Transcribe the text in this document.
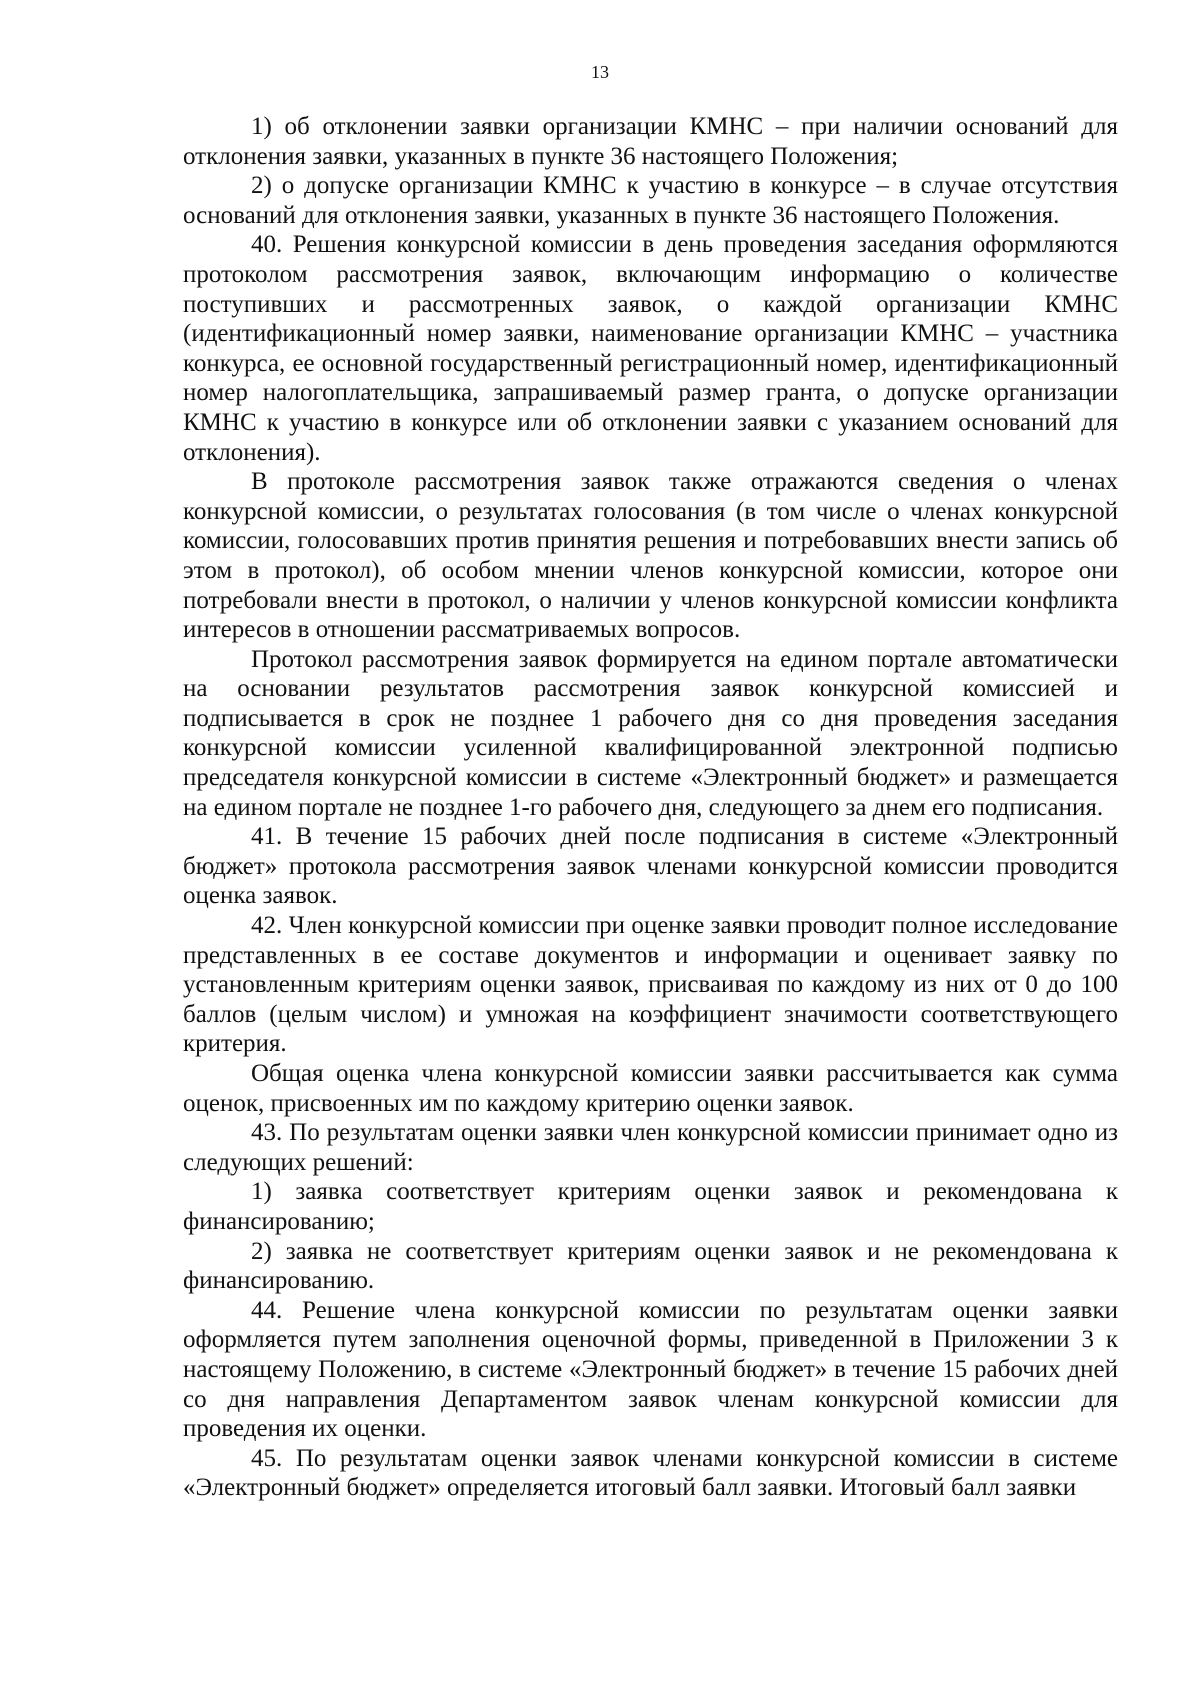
13

1) об отклонении заявки организации КМНС – при наличии оснований для отклонения заявки, указанных в пункте 36 настоящего Положения;

2) о допуске организации КМНС к участию в конкурсе – в случае отсутствия оснований для отклонения заявки, указанных в пункте 36 настоящего Положения.

40. Решения конкурсной комиссии в день проведения заседания оформляются протоколом рассмотрения заявок, включающим информацию о количестве поступивших и рассмотренных заявок, о каждой организации КМНС (идентификационный номер заявки, наименование организации КМНС – участника конкурса, ее основной государственный регистрационный номер, идентификационный номер налогоплательщика, запрашиваемый размер гранта, о допуске организации КМНС к участию в конкурсе или об отклонении заявки с указанием оснований для отклонения).

В протоколе рассмотрения заявок также отражаются сведения о членах конкурсной комиссии, о результатах голосования (в том числе о членах конкурсной комиссии, голосовавших против принятия решения и потребовавших внести запись об этом в протокол), об особом мнении членов конкурсной комиссии, которое они потребовали внести в протокол, о наличии у членов конкурсной комиссии конфликта интересов в отношении рассматриваемых вопросов.

Протокол рассмотрения заявок формируется на едином портале автоматически на основании результатов рассмотрения заявок конкурсной комиссией и подписывается в срок не позднее 1 рабочего дня со дня проведения заседания конкурсной комиссии усиленной квалифицированной электронной подписью председателя конкурсной комиссии в системе «Электронный бюджет» и размещается на едином портале не позднее 1-го рабочего дня, следующего за днем его подписания.

41. В течение 15 рабочих дней после подписания в системе «Электронный бюджет» протокола рассмотрения заявок членами конкурсной комиссии проводится оценка заявок.

42. Член конкурсной комиссии при оценке заявки проводит полное исследование представленных в ее составе документов и информации и оценивает заявку по установленным критериям оценки заявок, присваивая по каждому из них от 0 до 100 баллов (целым числом) и умножая на коэффициент значимости соответствующего критерия.

Общая оценка члена конкурсной комиссии заявки рассчитывается как сумма оценок, присвоенных им по каждому критерию оценки заявок.

43. По результатам оценки заявки член конкурсной комиссии принимает одно из следующих решений:

1) заявка соответствует критериям оценки заявок и рекомендована к финансированию;

2) заявка не соответствует критериям оценки заявок и не рекомендована к финансированию.

44. Решение члена конкурсной комиссии по результатам оценки заявки оформляется путем заполнения оценочной формы, приведенной в Приложении 3 к настоящему Положению, в системе «Электронный бюджет» в течение 15 рабочих дней со дня направления Департаментом заявок членам конкурсной комиссии для проведения их оценки.

45. По результатам оценки заявок членами конкурсной комиссии в системе «Электронный бюджет» определяется итоговый балл заявки. Итоговый балл заявки
